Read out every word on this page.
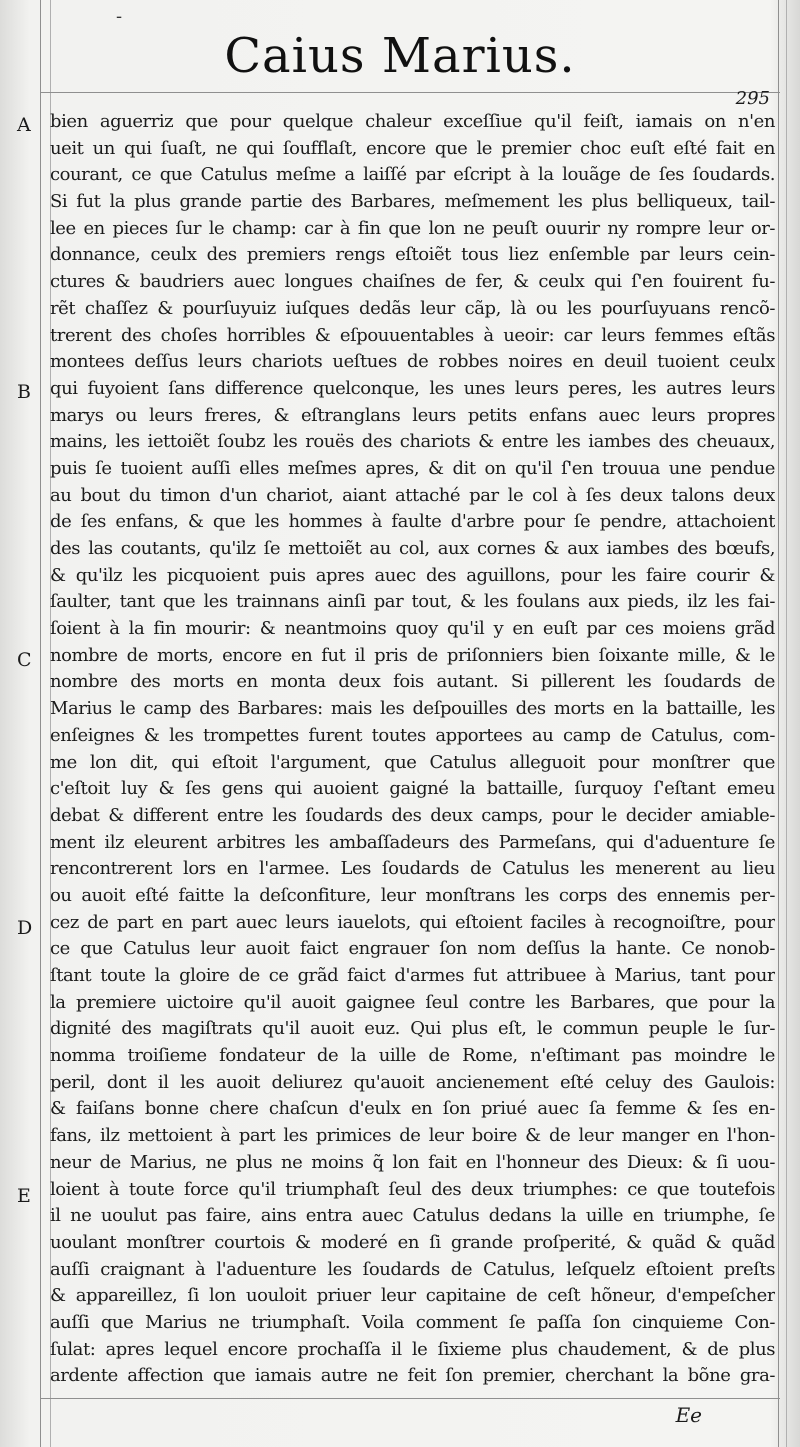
-
Caius Marius.
295
A
B
C
D
E
bien aguerriz que pour quelque chaleur exceſſiue qu'il feiſt, iamais on n'en
ueit un qui ſuaſt, ne qui ſoufflaſt, encore que le premier choc euſt eſté fait en
courant, ce que Catulus meſme a laiſſé par eſcript à la louãge de ſes ſoudards.
Si fut la plus grande partie des Barbares, meſmement les plus belliqueux, tail-
lee en pieces ſur le champ: car à fin que lon ne peuſt ouurir ny rompre leur or-
donnance, ceulx des premiers rengs eſtoiẽt tous liez enſemble par leurs cein-
ctures & baudriers auec longues chaiſnes de fer, & ceulx qui ſ'en fouirent fu-
rẽt chaſſez & pourſuyuiz iuſques dedãs leur cãp, là ou les pourſuyuans rencõ-
trerent des choſes horribles & eſpouuentables à ueoir: car leurs femmes eſtãs
montees deſſus leurs chariots ueſtues de robbes noires en deuil tuoient ceulx
qui fuyoient ſans difference quelconque, les unes leurs peres, les autres leurs
marys ou leurs freres, & eſtranglans leurs petits enfans auec leurs propres
mains, les iettoiẽt ſoubz les rouës des chariots & entre les iambes des cheuaux,
puis ſe tuoient auſſi elles meſmes apres, & dit on qu'il ſ'en trouua une pendue
au bout du timon d'un chariot, aiant attaché par le col à ſes deux talons deux
de ſes enfans, & que les hommes à faulte d'arbre pour ſe pendre, attachoient
des las coutants, qu'ilz ſe mettoiẽt au col, aux cornes & aux iambes des bœufs,
& qu'ilz les picquoient puis apres auec des aguillons, pour les faire courir &
ſaulter, tant que les trainnans ainſi par tout, & les foulans aux pieds, ilz les fai-
ſoient à la fin mourir: & neantmoins quoy qu'il y en euſt par ces moiens grãd
nombre de morts, encore en fut il pris de priſonniers bien ſoixante mille, & le
nombre des morts en monta deux fois autant. Si pillerent les ſoudards de
Marius le camp des Barbares: mais les deſpouilles des morts en la battaille, les
enſeignes & les trompettes furent toutes apportees au camp de Catulus, com-
me lon dit, qui eſtoit l'argument, que Catulus alleguoit pour monſtrer que
c'eſtoit luy & ſes gens qui auoient gaigné la battaille, ſurquoy ſ'eſtant emeu
debat & different entre les ſoudards des deux camps, pour le decider amiable-
ment ilz eleurent arbitres les ambaſſadeurs des Parmeſans, qui d'aduenture ſe
rencontrerent lors en l'armee. Les ſoudards de Catulus les menerent au lieu
ou auoit eſté faitte la deſconfiture, leur monſtrans les corps des ennemis per-
cez de part en part auec leurs iauelots, qui eſtoient faciles à recognoiſtre, pour
ce que Catulus leur auoit faict engrauer ſon nom deſſus la hante. Ce nonob-
ſtant toute la gloire de ce grãd faict d'armes fut attribuee à Marius, tant pour
la premiere uictoire qu'il auoit gaignee ſeul contre les Barbares, que pour la
dignité des magiſtrats qu'il auoit euz. Qui plus eſt, le commun peuple le ſur-
nomma troiſieme fondateur de la uille de Rome, n'eſtimant pas moindre le
peril, dont il les auoit deliurez qu'auoit ancienement eſté celuy des Gaulois:
& faiſans bonne chere chaſcun d'eulx en ſon priué auec ſa femme & ſes en-
fans, ilz mettoient à part les primices de leur boire & de leur manger en l'hon-
neur de Marius, ne plus ne moins q̃ lon fait en l'honneur des Dieux: & ſi uou-
loient à toute force qu'il triumphaſt ſeul des deux triumphes: ce que toutefois
il ne uoulut pas faire, ains entra auec Catulus dedans la uille en triumphe, ſe
uoulant monſtrer courtois & moderé en ſi grande proſperité, & quãd & quãd
auſſi craignant à l'aduenture les ſoudards de Catulus, leſquelz eſtoient preſts
& appareillez, ſi lon uouloit priuer leur capitaine de ceſt hõneur, d'empeſcher
auſſi que Marius ne triumphaſt. Voila comment ſe paſſa ſon cinquieme Con-
ſulat: apres lequel encore prochaſſa il le ſixieme plus chaudement, & de plus
ardente affection que iamais autre ne feit ſon premier, cherchant la bõne gra-
Ee
